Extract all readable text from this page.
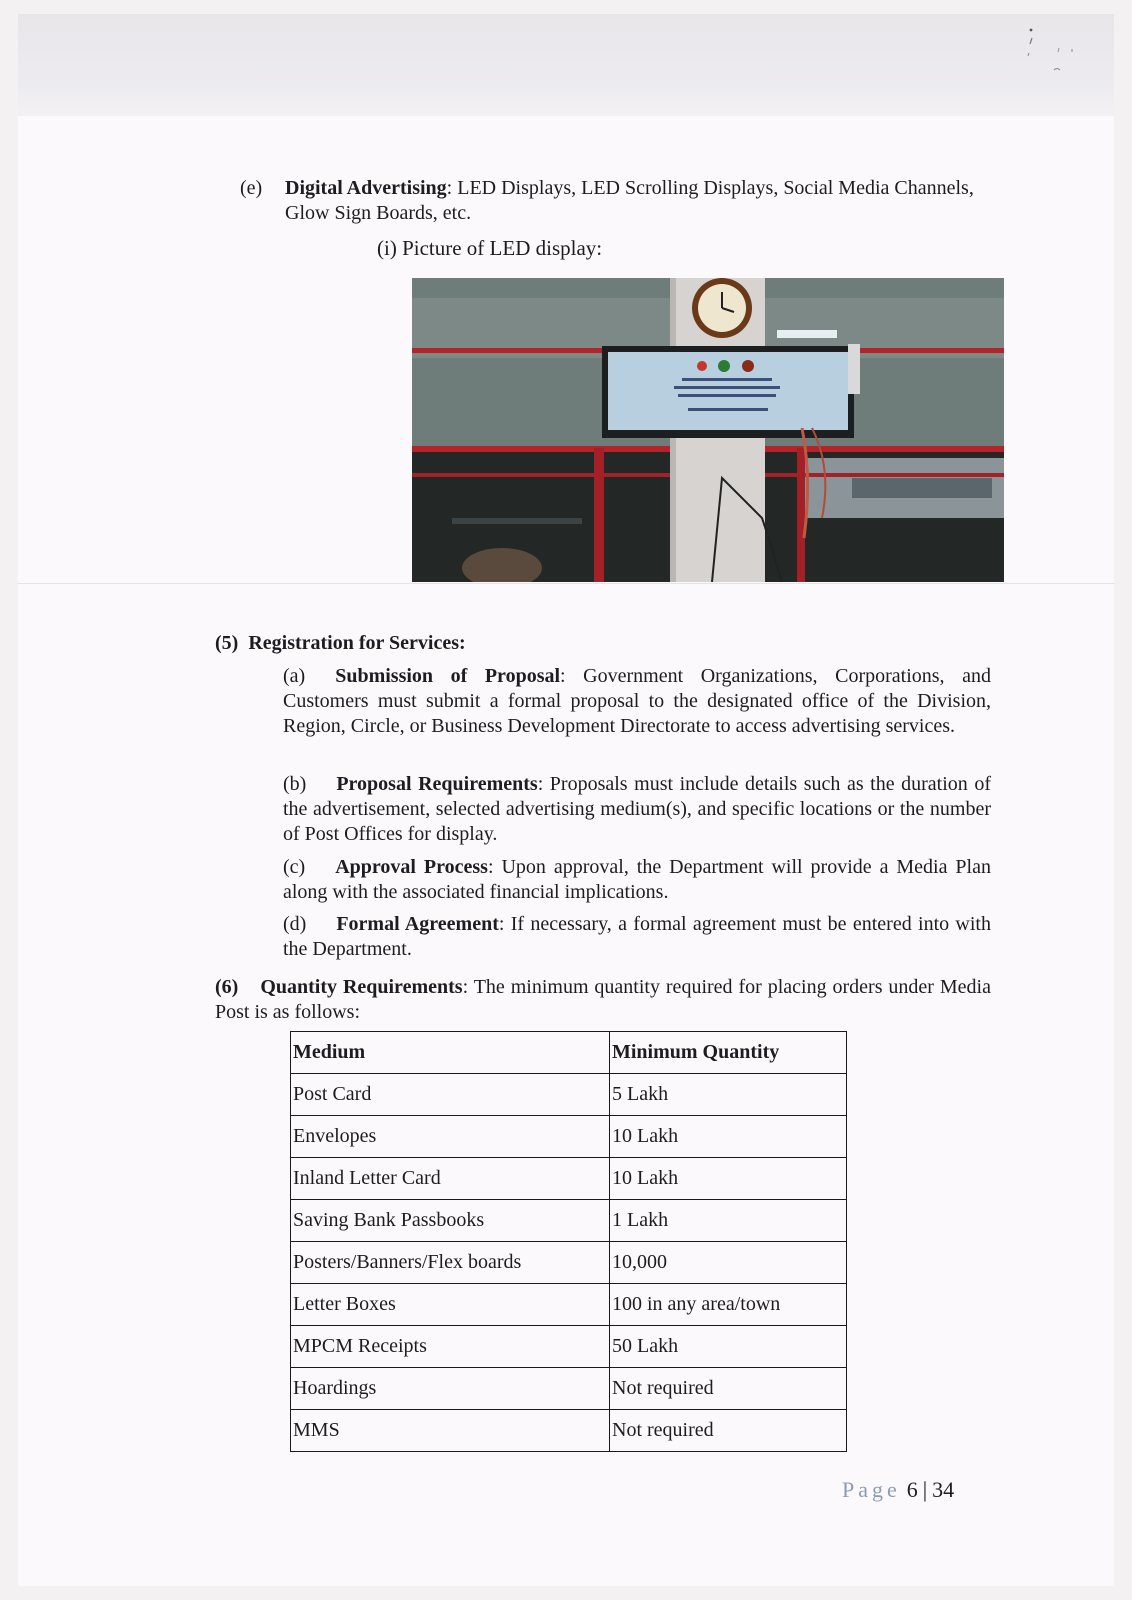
(e) Digital Advertising: LED Displays, LED Scrolling Displays, Social Media Channels, Glow Sign Boards, etc.
(i) Picture of LED display:
(5) Registration for Services:
(a) Submission of Proposal: Government Organizations, Corporations, and Customers must submit a formal proposal to the designated office of the Division, Region, Circle, or Business Development Directorate to access advertising services.
(b) Proposal Requirements: Proposals must include details such as the duration of the advertisement, selected advertising medium(s), and specific locations or the number of Post Offices for display.
(c) Approval Process: Upon approval, the Department will provide a Media Plan along with the associated financial implications.
(d) Formal Agreement: If necessary, a formal agreement must be entered into with the Department.
(6) Quantity Requirements: The minimum quantity required for placing orders under Media Post is as follows:
Medium	Minimum Quantity
Post Card	5 Lakh
Envelopes	10 Lakh
Inland Letter Card	10 Lakh
Saving Bank Passbooks	1 Lakh
Posters/Banners/Flex boards	10,000
Letter Boxes	100 in any area/town
MPCM Receipts	50 Lakh
Hoardings	Not required
MMS	Not required
Page 6 | 34
